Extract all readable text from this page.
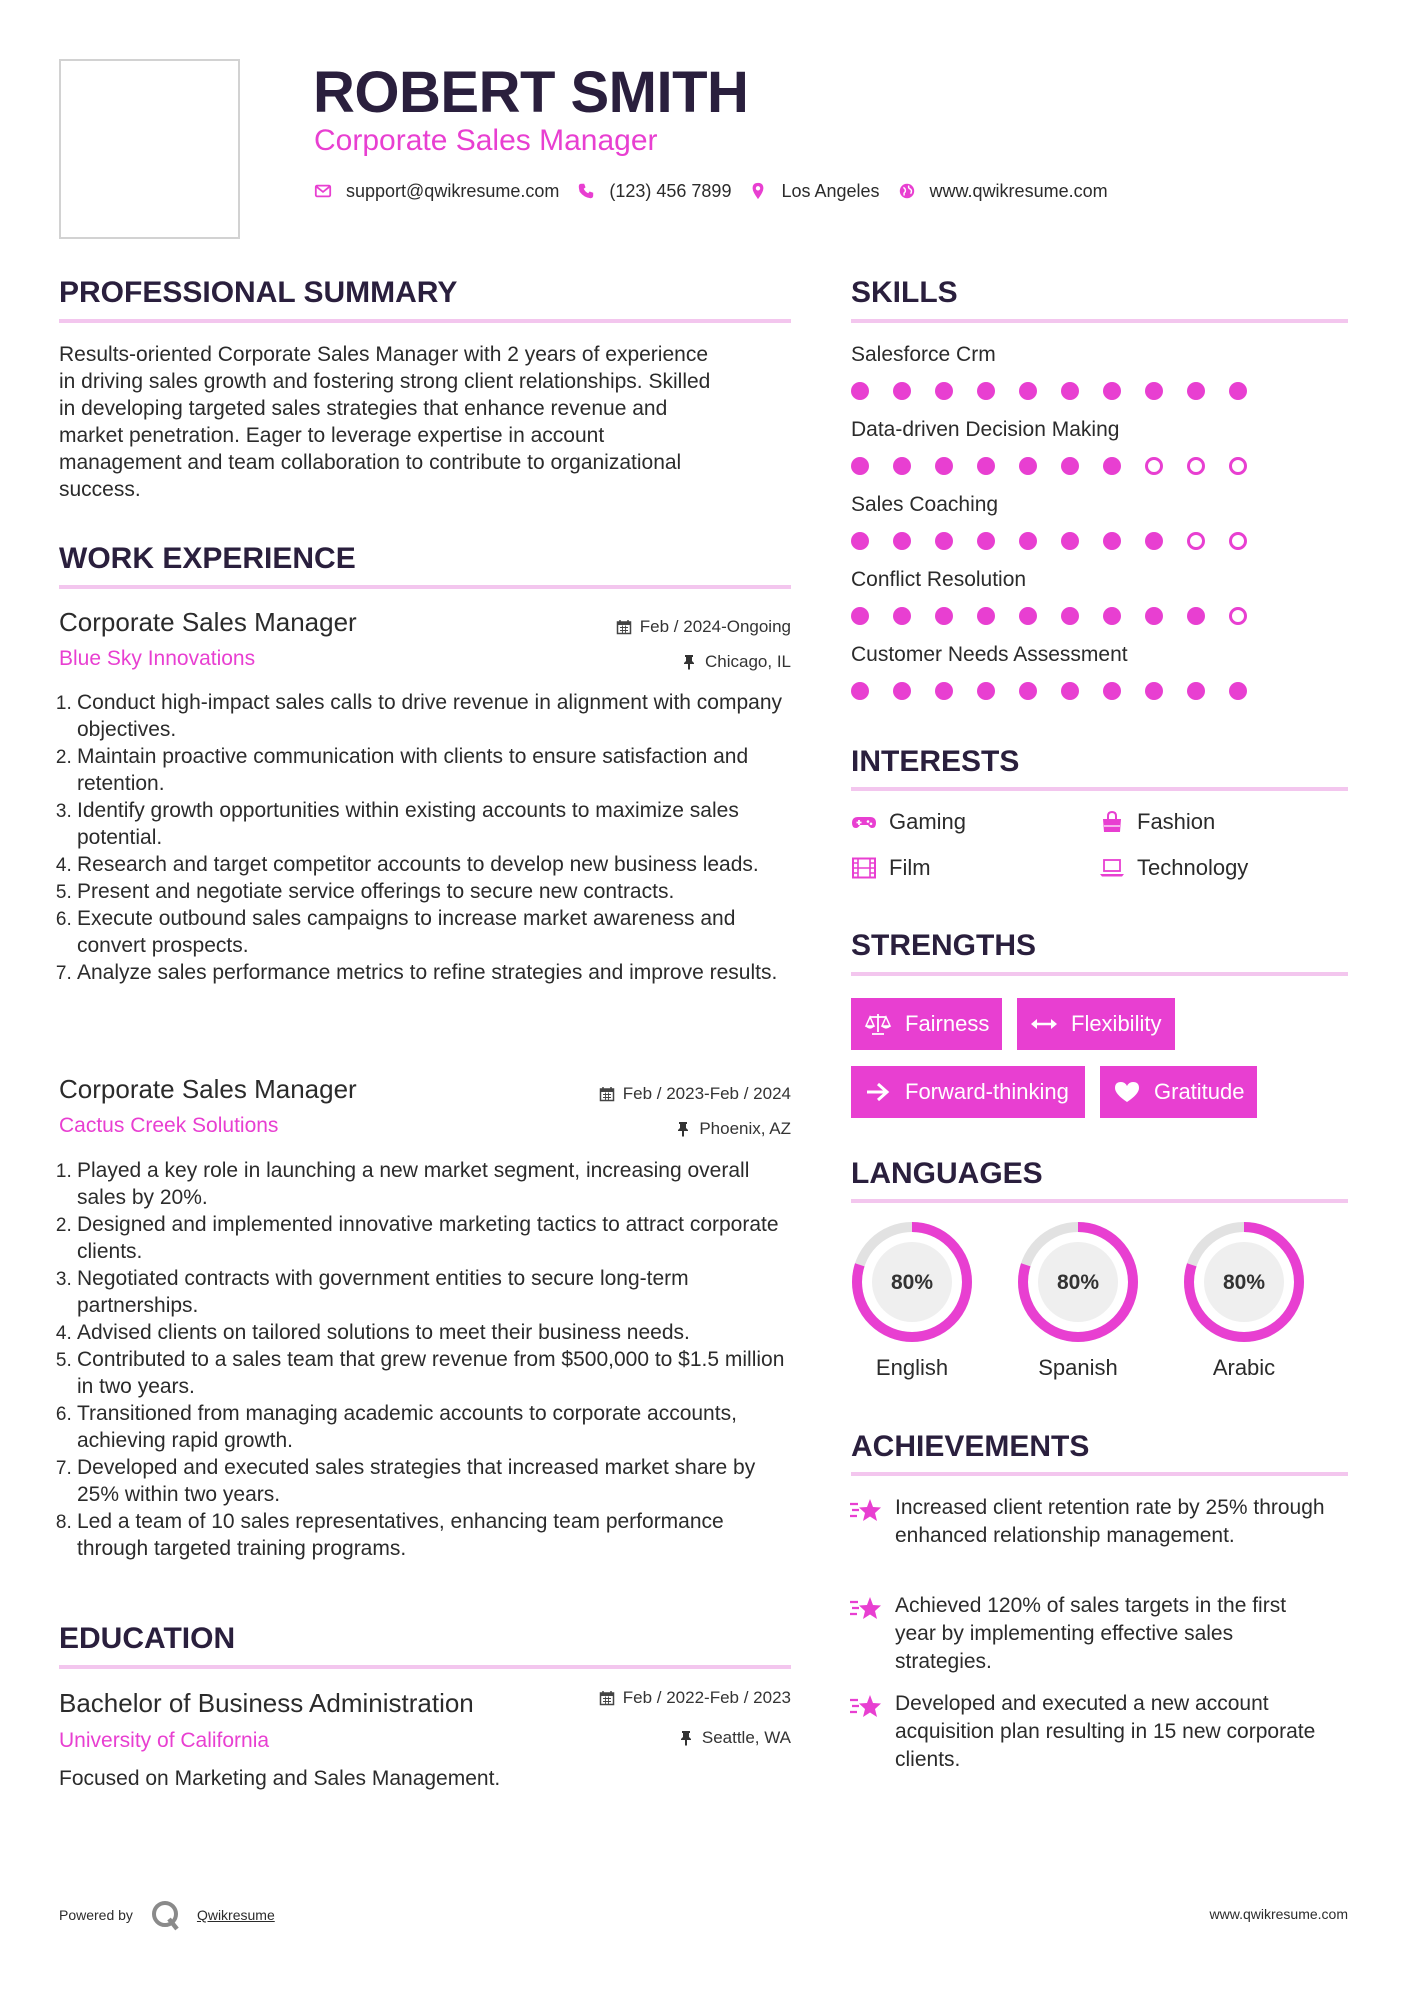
ROBERT SMITH
Corporate Sales Manager
support@qwikresume.com	(123) 456 7899	Los Angeles	www.qwikresume.com
PROFESSIONAL SUMMARY
Results-oriented Corporate Sales Manager with 2 years of experience
in driving sales growth and fostering strong client relationships. Skilled
in developing targeted sales strategies that enhance revenue and
market penetration. Eager to leverage expertise in account
management and team collaboration to contribute to organizational
success.
WORK EXPERIENCE
Corporate Sales Manager	Feb / 2024-Ongoing
Blue Sky Innovations	Chicago, IL
1. Conduct high-impact sales calls to drive revenue in alignment with company objectives.
2. Maintain proactive communication with clients to ensure satisfaction and retention.
3. Identify growth opportunities within existing accounts to maximize sales potential.
4. Research and target competitor accounts to develop new business leads.
5. Present and negotiate service offerings to secure new contracts.
6. Execute outbound sales campaigns to increase market awareness and convert prospects.
7. Analyze sales performance metrics to refine strategies and improve results.
Corporate Sales Manager	Feb / 2023-Feb / 2024
Cactus Creek Solutions	Phoenix, AZ
1. Played a key role in launching a new market segment, increasing overall sales by 20%.
2. Designed and implemented innovative marketing tactics to attract corporate clients.
3. Negotiated contracts with government entities to secure long-term partnerships.
4. Advised clients on tailored solutions to meet their business needs.
5. Contributed to a sales team that grew revenue from $500,000 to $1.5 million in two years.
6. Transitioned from managing academic accounts to corporate accounts, achieving rapid growth.
7. Developed and executed sales strategies that increased market share by 25% within two years.
8. Led a team of 10 sales representatives, enhancing team performance through targeted training programs.
EDUCATION
Bachelor of Business Administration	Feb / 2022-Feb / 2023
University of California	Seattle, WA
Focused on Marketing and Sales Management.
SKILLS
Salesforce Crm
Data-driven Decision Making
Sales Coaching
Conflict Resolution
Customer Needs Assessment
INTERESTS
Gaming	Fashion
Film	Technology
STRENGTHS
Fairness	Flexibility
Forward-thinking	Gratitude
LANGUAGES
80%	80%	80%
English	Spanish	Arabic
ACHIEVEMENTS
Increased client retention rate by 25% through enhanced relationship management.
Achieved 120% of sales targets in the first year by implementing effective sales strategies.
Developed and executed a new account acquisition plan resulting in 15 new corporate clients.
Powered by	Qwikresume	www.qwikresume.com
